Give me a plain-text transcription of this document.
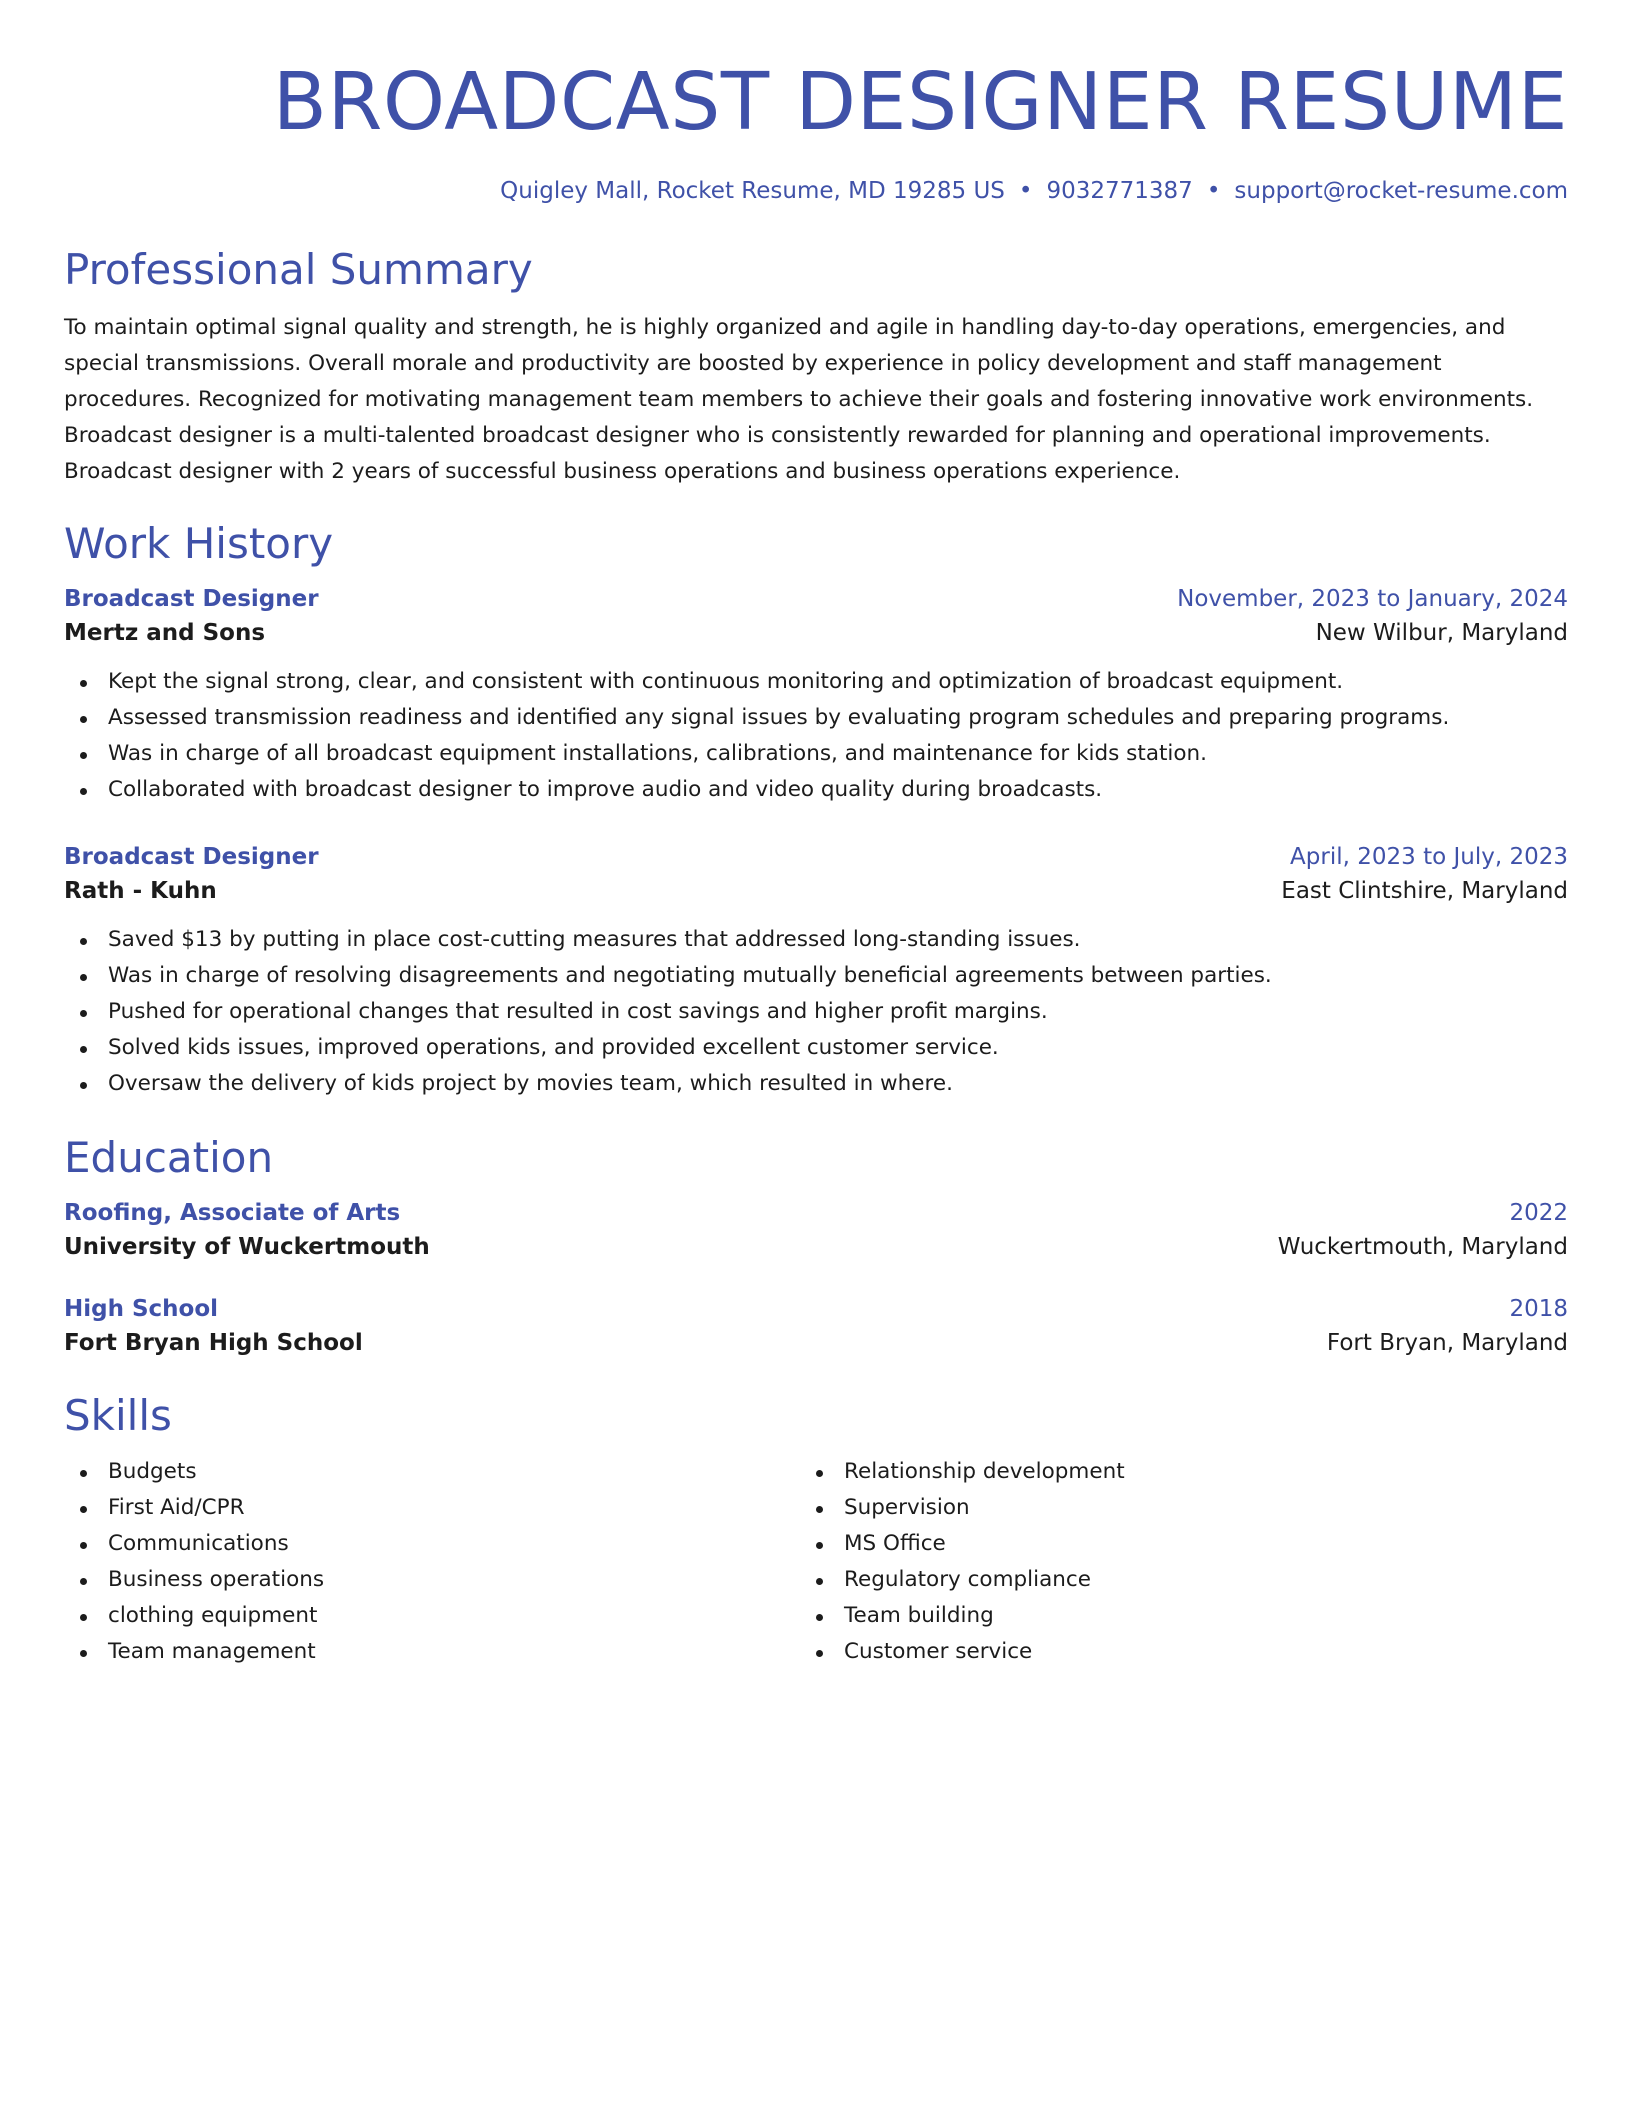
BROADCAST DESIGNER RESUME
Quigley Mall, Rocket Resume, MD 19285 US • 9032771387 • support@rocket-resume.com
Professional Summary
To maintain optimal signal quality and strength, he is highly organized and agile in handling day-to-day operations, emergencies, and special transmissions. Overall morale and productivity are boosted by experience in policy development and staff management procedures. Recognized for motivating management team members to achieve their goals and fostering innovative work environments. Broadcast designer is a multi-talented broadcast designer who is consistently rewarded for planning and operational improvements. Broadcast designer with 2 years of successful business operations and business operations experience.
Work History
Broadcast Designer	November, 2023 to January, 2024
Mertz and Sons	New Wilbur, Maryland
Kept the signal strong, clear, and consistent with continuous monitoring and optimization of broadcast equipment.
Assessed transmission readiness and identified any signal issues by evaluating program schedules and preparing programs.
Was in charge of all broadcast equipment installations, calibrations, and maintenance for kids station.
Collaborated with broadcast designer to improve audio and video quality during broadcasts.
Broadcast Designer	April, 2023 to July, 2023
Rath - Kuhn	East Clintshire, Maryland
Saved $13 by putting in place cost-cutting measures that addressed long-standing issues.
Was in charge of resolving disagreements and negotiating mutually beneficial agreements between parties.
Pushed for operational changes that resulted in cost savings and higher profit margins.
Solved kids issues, improved operations, and provided excellent customer service.
Oversaw the delivery of kids project by movies team, which resulted in where.
Education
Roofing, Associate of Arts	2022
University of Wuckertmouth	Wuckertmouth, Maryland
High School	2018
Fort Bryan High School	Fort Bryan, Maryland
Skills
Budgets
First Aid/CPR
Communications
Business operations
clothing equipment
Team management
Relationship development
Supervision
MS Office
Regulatory compliance
Team building
Customer service
